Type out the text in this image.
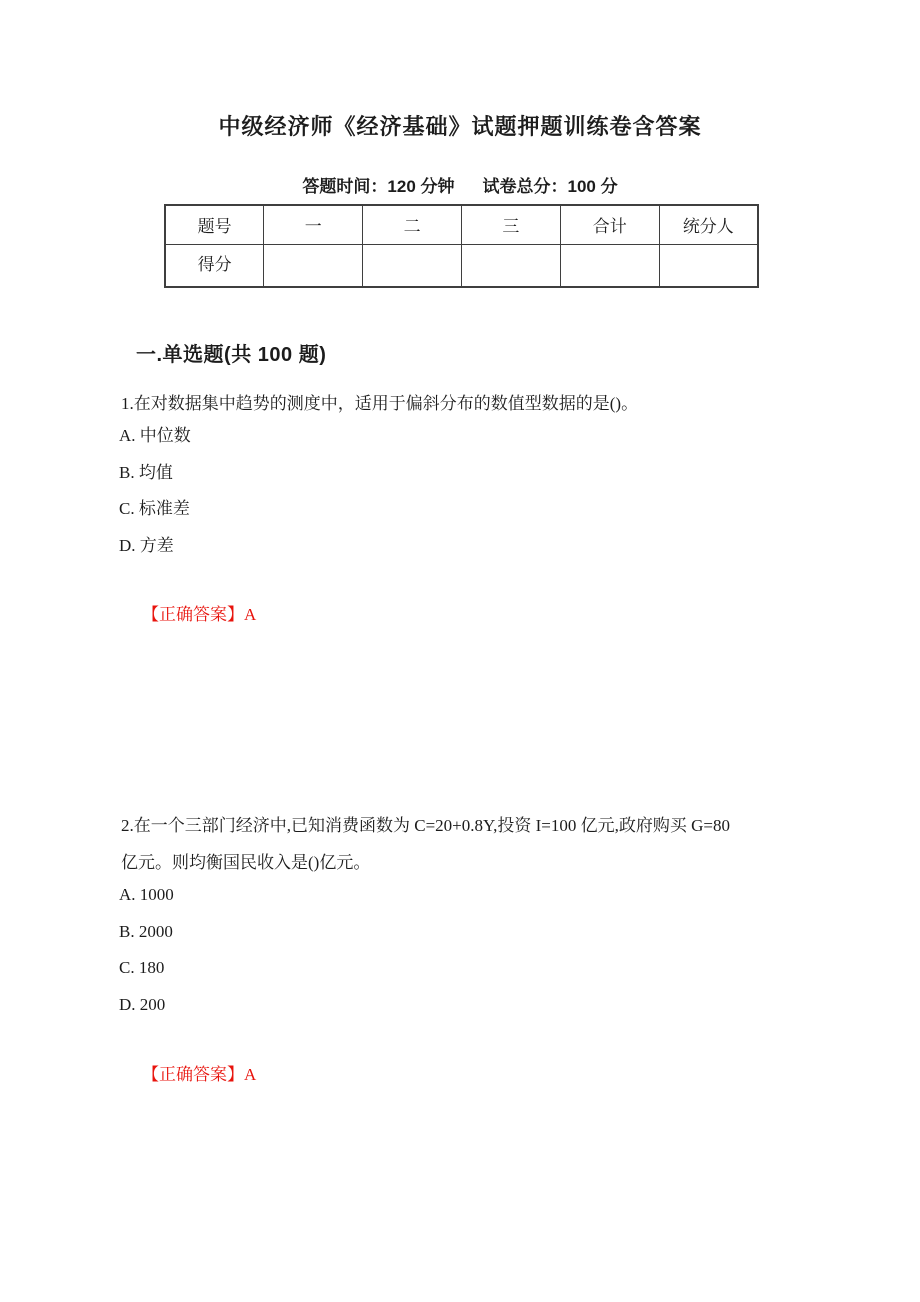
中级经济师《经济基础》试题押题训练卷含答案
答题时间：120 分钟 试卷总分：100 分
题号	一	二	三	合计	统分人
得分					
一.单选题(共 100 题)

1.在对数据集中趋势的测度中，适用于偏斜分布的数值型数据的是()。

A. 中位数
B. 均值
C. 标准差
D. 方差

【正确答案】A

2.在一个三部门经济中,已知消费函数为 C=20+0.8Y,投资 I=100 亿元,政府购买 G=80 亿元。则均衡国民收入是()亿元。

A. 1000
B. 2000
C. 180
D. 200

【正确答案】A
